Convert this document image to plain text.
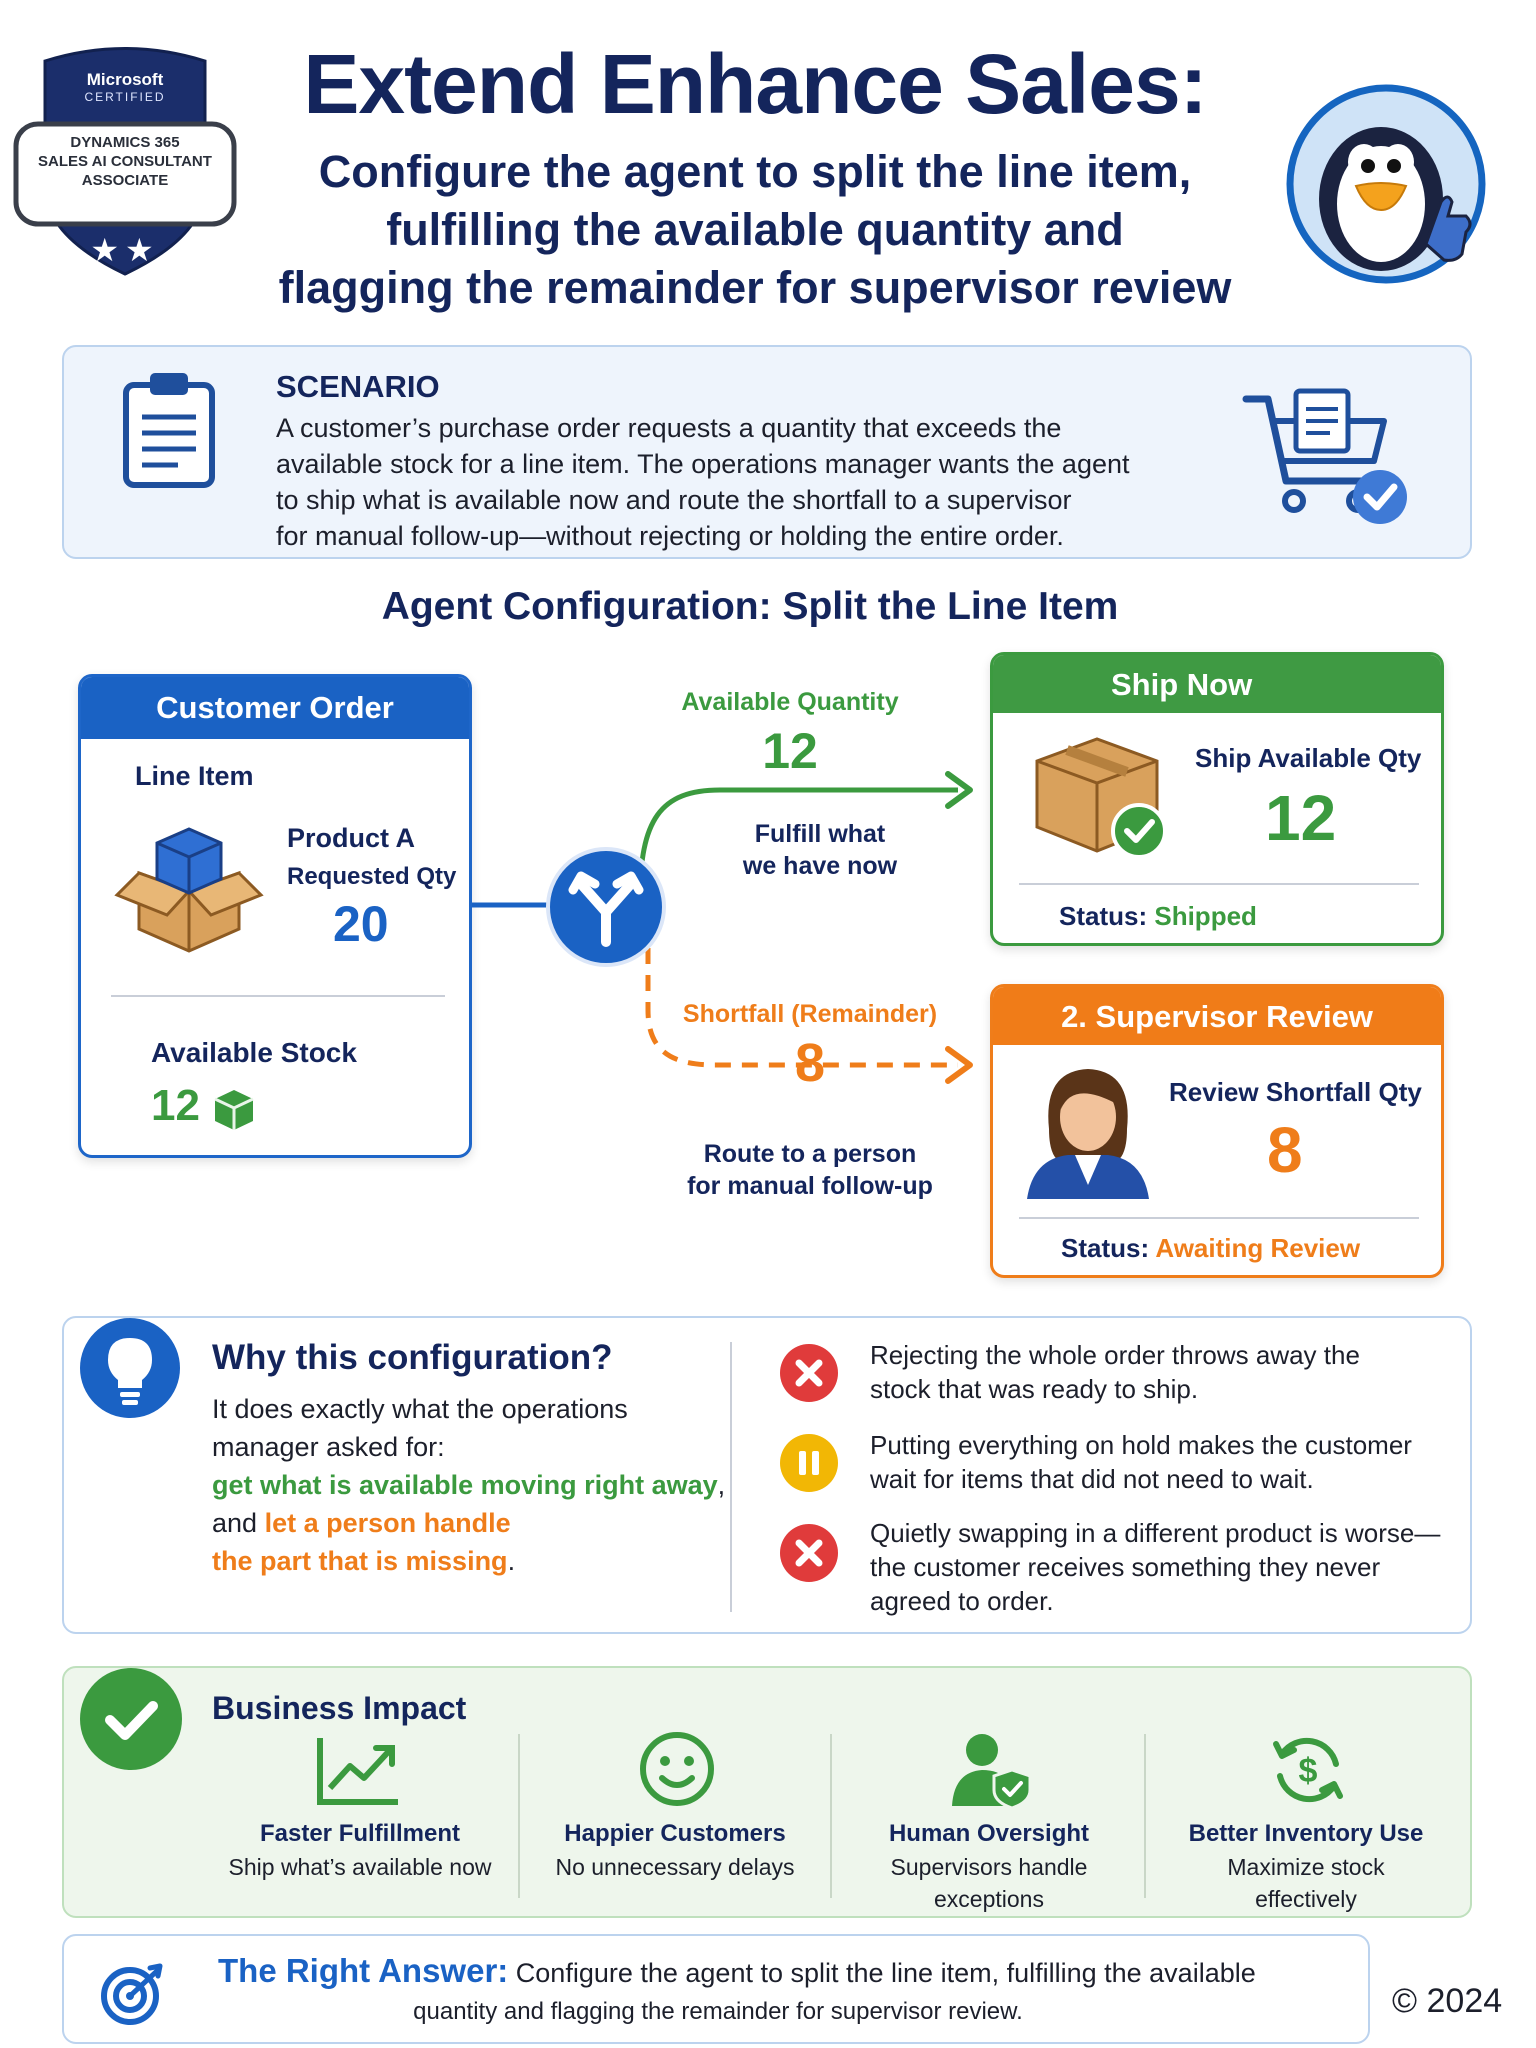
Microsoft
CERTIFIED
DYNAMICS 365
SALES AI CONSULTANT
ASSOCIATE
★★
Extend Enhance Sales:
Configure the agent to split the line item,
fulfilling the available quantity and
flagging the remainder for supervisor review
SCENARIO
A customer’s purchase order requests a quantity that exceeds the
available stock for a line item. The operations manager wants the agent
to ship what is available now and route the shortfall to a supervisor
for manual follow-up—without rejecting or holding the entire order.
Agent Configuration: Split the Line Item
Customer Order
Line Item
Product A
Requested Qty
20
Available Stock
12
Available Quantity
12
Fulfill what
we have now
Shortfall (Remainder)
8
Route to a person
for manual follow-up
Ship Now
Ship Available Qty
12
Status: Shipped
2. Supervisor Review
Review Shortfall Qty
8
Status: Awaiting Review
Why this configuration?
It does exactly what the operations
manager asked for:
get what is available moving right away,
and let a person handle
the part that is missing.
Rejecting the whole order throws away the
stock that was ready to ship.
Putting everything on hold makes the customer
wait for items that did not need to wait.
Quietly swapping in a different product is worse—
the customer receives something they never
agreed to order.
Business Impact
Faster Fulfillment
Ship what’s available now
Happier Customers
No unnecessary delays
Human Oversight
Supervisors handle
exceptions
$
Better Inventory Use
Maximize stock
effectively
The Right Answer: Configure the agent to split the line item, fulfilling the available
quantity and flagging the remainder for supervisor review.	© 2024
